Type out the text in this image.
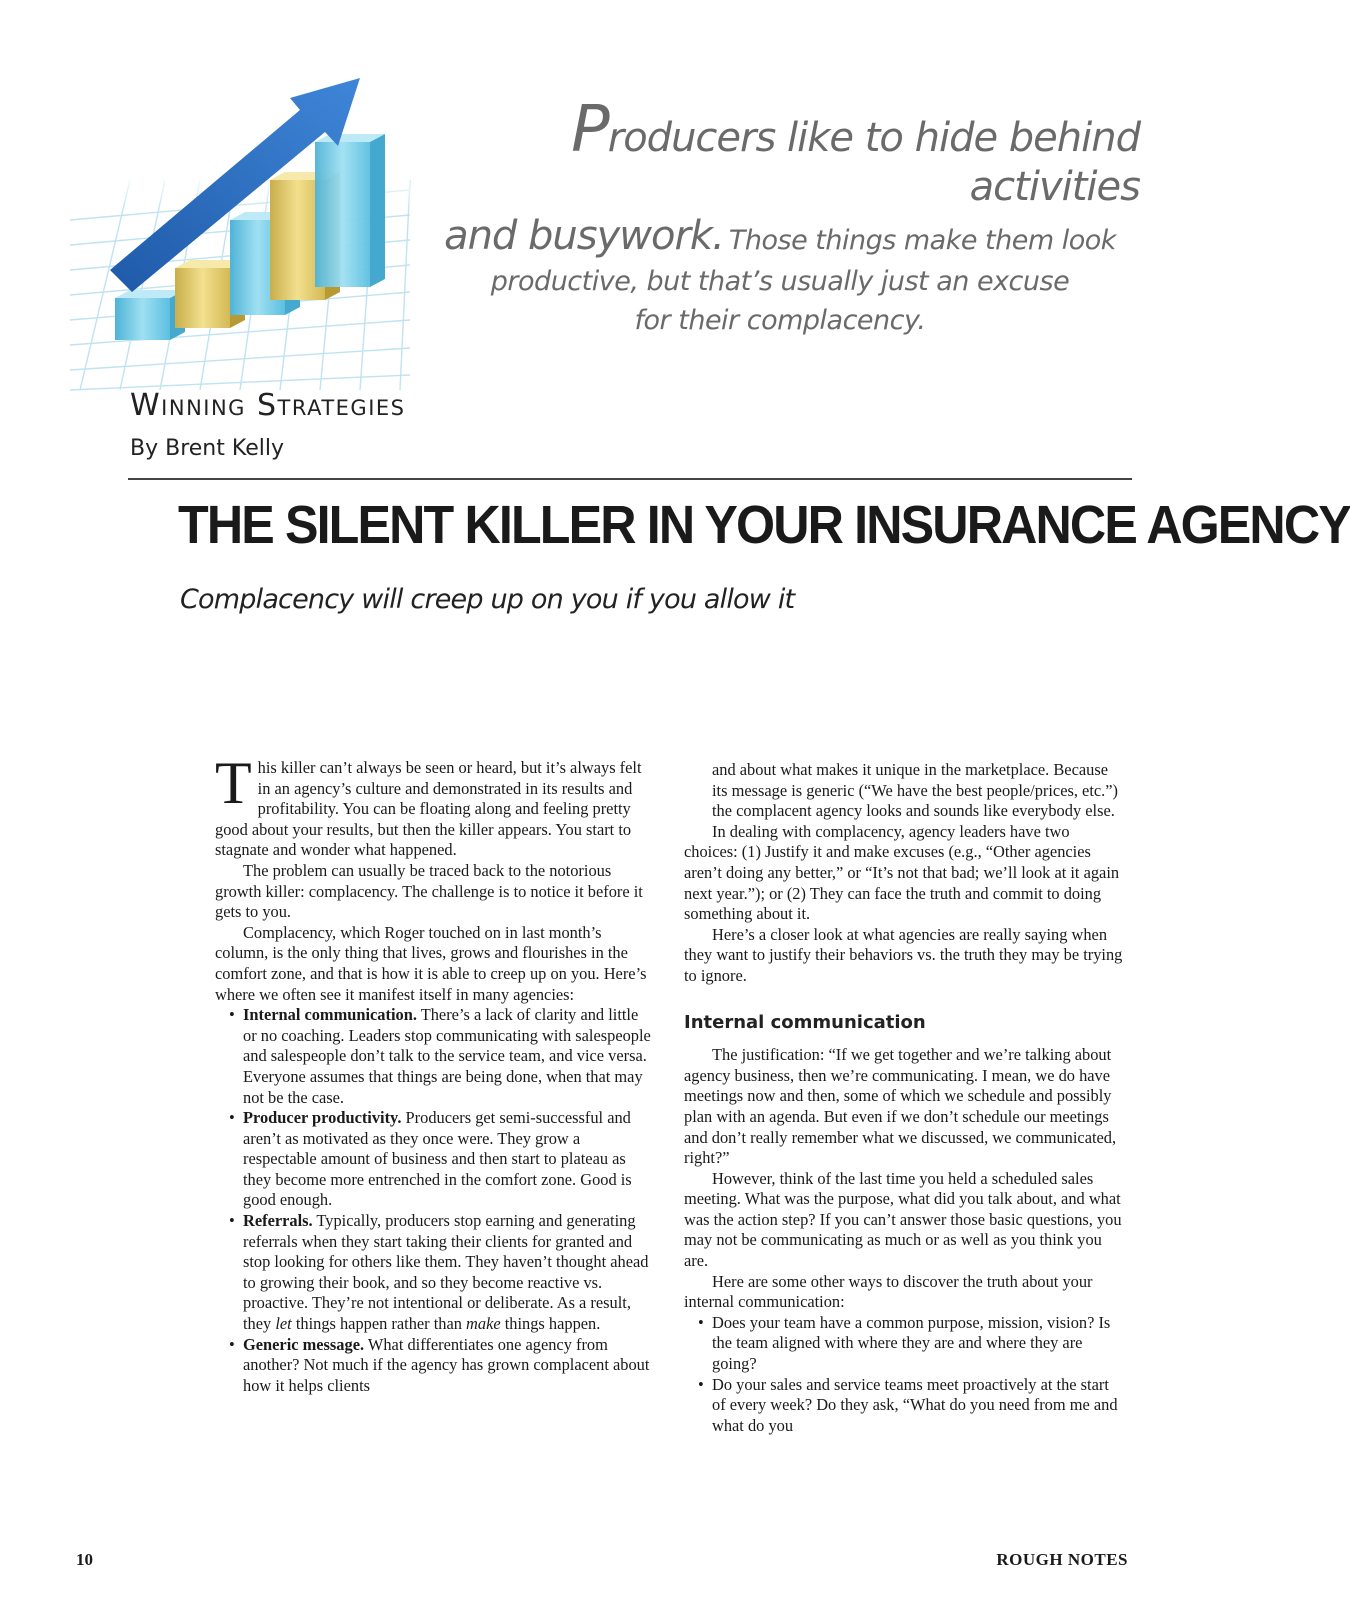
Producers like to hide behind activities
and busywork. Those things make them look
productive, but that’s usually just an excuse
for their complacency.
Winning Strategies
By Brent Kelly
THE SILENT KILLER IN YOUR INSURANCE AGENCY
Complacency will creep up on you if you allow it

This killer can’t always be seen or heard, but it’s always felt in an agency’s culture and demonstrated in its results and profitability. You can be floating along and feeling pretty good about your results, but then the killer appears. You start to stagnate and wonder what happened.

The problem can usually be traced back to the notorious growth killer: complacency. The challenge is to notice it before it gets to you.

Complacency, which Roger touched on in last month’s column, is the only thing that lives, grows and flourishes in the comfort zone, and that is how it is able to creep up on you. Here’s where we often see it manifest itself in many agencies:

• Internal communication. There’s a lack of clarity and little or no coaching. Leaders stop communicating with salespeople and salespeople don’t talk to the service team, and vice versa. Everyone assumes that things are being done, when that may not be the case.
• Producer productivity. Producers get semi-successful and aren’t as motivated as they once were. They grow a respectable amount of business and then start to plateau as they become more entrenched in the comfort zone. Good is good enough.
• Referrals. Typically, producers stop earning and generating referrals when they start taking their clients for granted and stop looking for others like them. They haven’t thought ahead to growing their book, and so they become reactive vs. proactive. They’re not intentional or deliberate. As a result, they let things happen rather than make things happen.
• Generic message. What differentiates one agency from another? Not much if the agency has grown complacent about how it helps clients
and about what makes it unique in the marketplace. Because its message is generic (“We have the best people/prices, etc.”) the complacent agency looks and sounds like everybody else.

In dealing with complacency, agency leaders have two choices: (1) Justify it and make excuses (e.g., “Other agencies aren’t doing any better,” or “It’s not that bad; we’ll look at it again next year.”); or (2) They can face the truth and commit to doing something about it.

Here’s a closer look at what agencies are really saying when they want to justify their behaviors vs. the truth they may be trying to ignore.

Internal communication

The justification: “If we get together and we’re talking about agency business, then we’re communicating. I mean, we do have meetings now and then, some of which we schedule and possibly plan with an agenda. But even if we don’t schedule our meetings and don’t really remember what we discussed, we communicated, right?”

However, think of the last time you held a scheduled sales meeting. What was the purpose, what did you talk about, and what was the action step? If you can’t answer those basic questions, you may not be communicating as much or as well as you think you are.

Here are some other ways to discover the truth about your internal communication:

• Does your team have a common purpose, mission, vision? Is the team aligned with where they are and where they are going?
• Do your sales and service teams meet proactively at the start of every week? Do they ask, “What do you need from me and what do you
10	ROUGH NOTES
